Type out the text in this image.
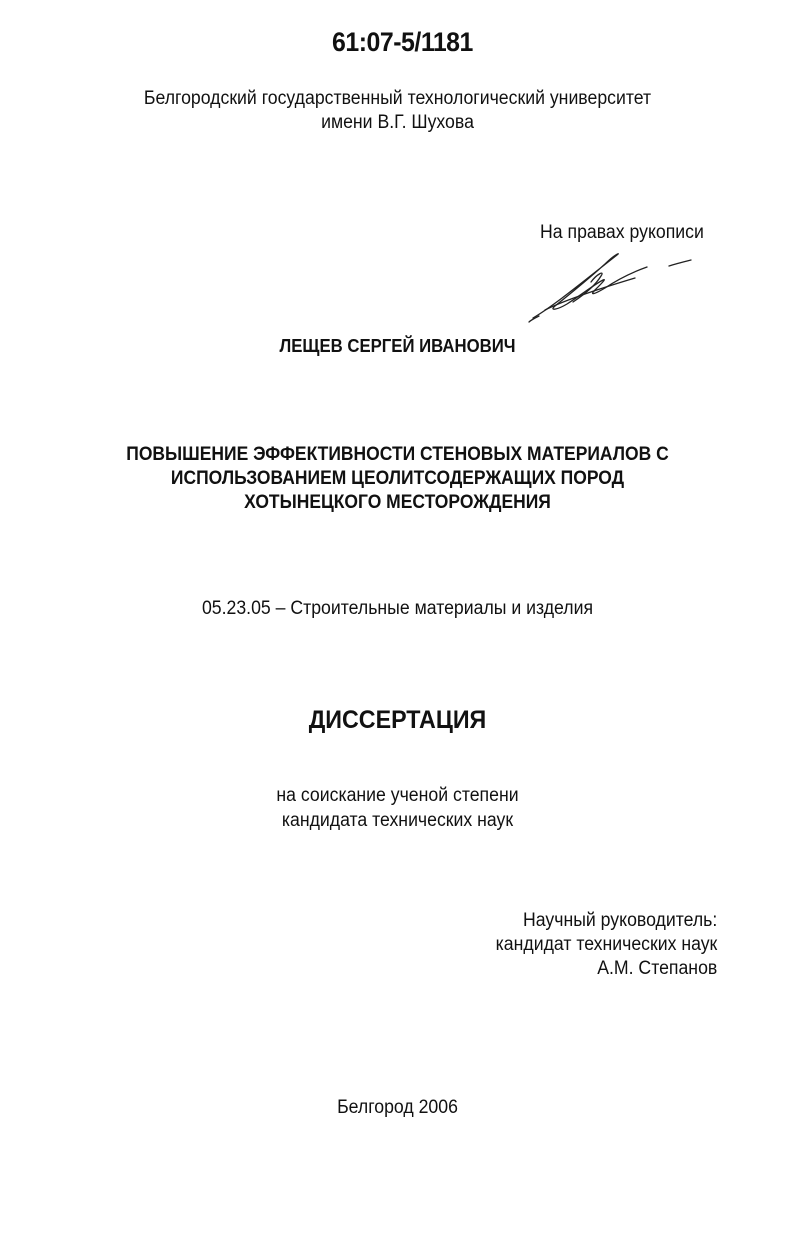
61:07-5/1181
Белгородский государственный технологический университет
имени В.Г. Шухова
На правах рукописи
ЛЕЩЕВ СЕРГЕЙ ИВАНОВИЧ
ПОВЫШЕНИЕ ЭФФЕКТИВНОСТИ СТЕНОВЫХ МАТЕРИАЛОВ С
ИСПОЛЬЗОВАНИЕМ ЦЕОЛИТСОДЕРЖАЩИХ ПОРОД
ХОТЫНЕЦКОГО МЕСТОРОЖДЕНИЯ
05.23.05 – Строительные материалы и изделия
ДИССЕРТАЦИЯ
на соискание ученой степени
кандидата технических наук
Научный руководитель:
кандидат технических наук
А.М. Степанов
Белгород 2006
